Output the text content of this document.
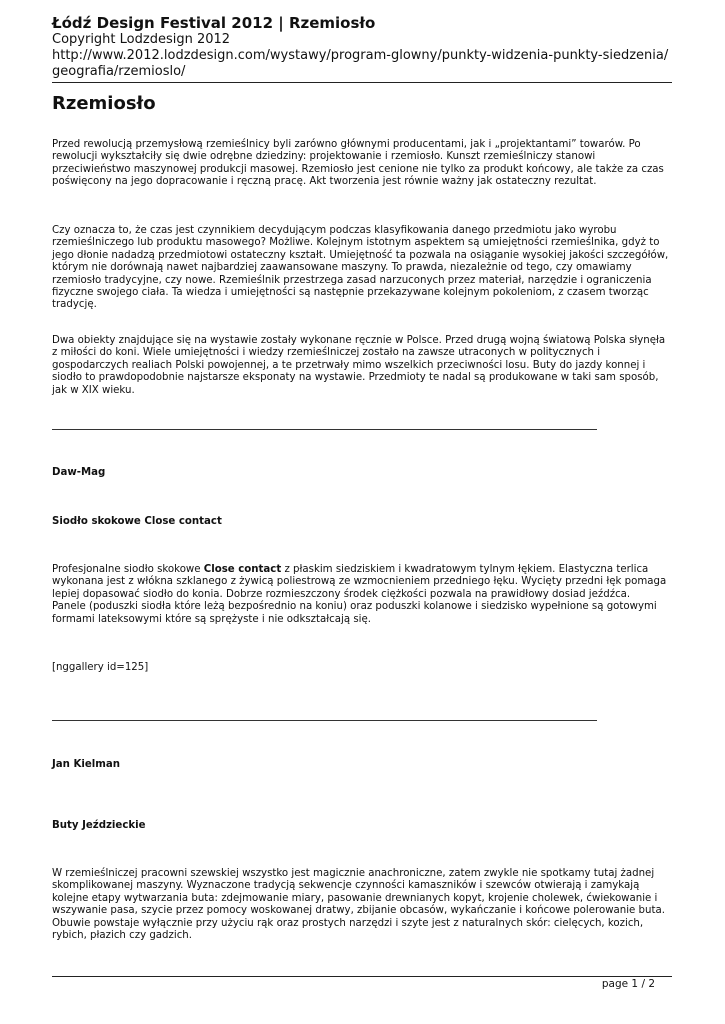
Łódź Design Festival 2012 | Rzemiosło
Copyright Lodzdesign 2012
http://www.2012.lodzdesign.com/wystawy/program-glowny/punkty-widzenia-punkty-siedzenia/geografia/rzemioslo/
Rzemiosło

Przed rewolucją przemysłową rzemieślnicy byli zarówno głównymi producentami, jak i „projektantami” towarów. Po rewolucji wykształciły się dwie odrębne dziedziny: projektowanie i rzemiosło. Kunszt rzemieślniczy stanowi przeciwieństwo maszynowej produkcji masowej. Rzemiosło jest cenione nie tylko za produkt końcowy, ale także za czas poświęcony na jego dopracowanie i ręczną pracę. Akt tworzenia jest równie ważny jak ostateczny rezultat.

Czy oznacza to, że czas jest czynnikiem decydującym podczas klasyfikowania danego przedmiotu jako wyrobu rzemieślniczego lub produktu masowego? Możliwe. Kolejnym istotnym aspektem są umiejętności rzemieślnika, gdyż to jego dłonie nadadzą przedmiotowi ostateczny kształt. Umiejętność ta pozwala na osiąganie wysokiej jakości szczegółów, którym nie dorównają nawet najbardziej zaawansowane maszyny. To prawda, niezależnie od tego, czy omawiamy rzemiosło tradycyjne, czy nowe. Rzemieślnik przestrzega zasad narzuconych przez materiał, narzędzie i ograniczenia fizyczne swojego ciała. Ta wiedza i umiejętności są następnie przekazywane kolejnym pokoleniom, z czasem tworząc tradycję.

Dwa obiekty znajdujące się na wystawie zostały wykonane ręcznie w Polsce. Przed drugą wojną światową Polska słynęła z miłości do koni. Wiele umiejętności i wiedzy rzemieślniczej zostało na zawsze utraconych w politycznych i gospodarczych realiach Polski powojennej, a te przetrwały mimo wszelkich przeciwności losu. Buty do jazdy konnej i siodło to prawdopodobnie najstarsze eksponaty na wystawie. Przedmioty te nadal są produkowane w taki sam sposób, jak w XIX wieku.

Daw-Mag

Siodło skokowe Close contact

Profesjonalne siodło skokowe Close contact z płaskim siedziskiem i kwadratowym tylnym łękiem. Elastyczna terlica wykonana jest z włókna szklanego z żywicą poliestrową ze wzmocnieniem przedniego łęku. Wycięty przedni łęk pomaga lepiej dopasować siodło do konia. Dobrze rozmieszczony środek ciężkości pozwala na prawidłowy dosiad jeźdźca.
Panele (poduszki siodła które leżą bezpośrednio na koniu) oraz poduszki kolanowe i siedzisko wypełnione są gotowymi formami lateksowymi które są sprężyste i nie odkształcają się.

[nggallery id=125]

Jan Kielman

Buty Jeździeckie

W rzemieślniczej pracowni szewskiej wszystko jest magicznie anachroniczne, zatem zwykle nie spotkamy tutaj żadnej skomplikowanej maszyny. Wyznaczone tradycją sekwencje czynności kamaszników i szewców otwierają i zamykają kolejne etapy wytwarzania buta: zdejmowanie miary, pasowanie drewnianych kopyt, krojenie cholewek, ćwiekowanie i wszywanie pasa, szycie przez pomocy woskowanej dratwy, zbijanie obcasów, wykańczanie i końcowe polerowanie buta. Obuwie powstaje wyłącznie przy użyciu rąk oraz prostych narzędzi i szyte jest z naturalnych skór: cielęcych, kozich, rybich, płazich czy gadzich.

page 1 / 2
